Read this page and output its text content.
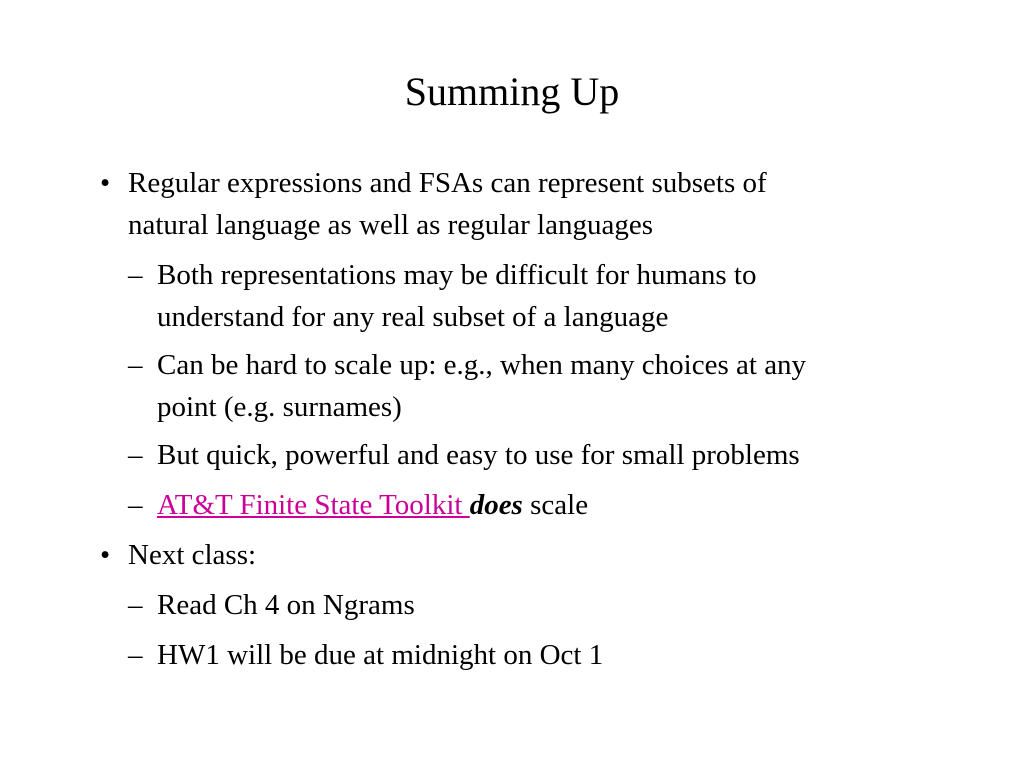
Summing Up
• Regular expressions and FSAs can represent subsets of
natural language as well as regular languages
– Both representations may be difficult for humans to
understand for any real subset of a language
– Can be hard to scale up: e.g., when many choices at any
point (e.g. surnames)
– But quick, powerful and easy to use for small problems
– AT&T Finite State Toolkit does scale
• Next class:
– Read Ch 4 on Ngrams
– HW1 will be due at midnight on Oct 1
